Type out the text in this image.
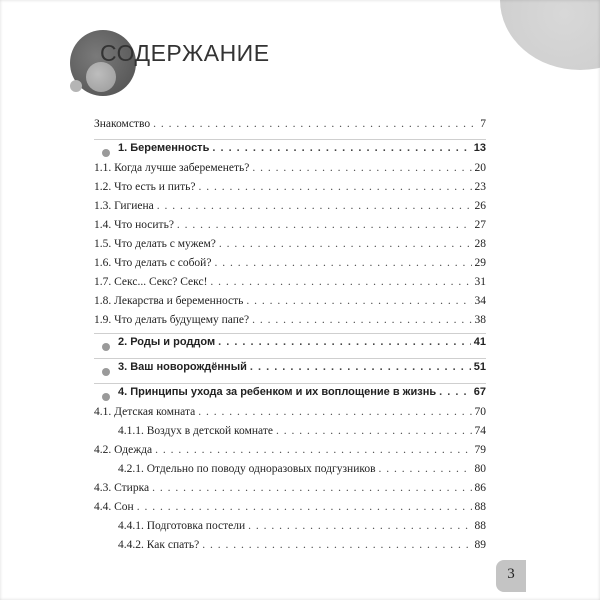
СОДЕРЖАНИЕ
Знакомство . . .	7
1. Беременность . . .	13
1.1. Когда лучше забеременеть? . . .	20
1.2. Что есть и пить? . . .	23
1.3. Гигиена . . .	26
1.4. Что носить? . . .	27
1.5. Что делать с мужем? . . .	28
1.6. Что делать с собой? . . .	29
1.7. Секс... Секс? Секс! . . .	31
1.8. Лекарства и беременность . . .	34
1.9. Что делать будущему папе? . . .	38
2. Роды и роддом . . .	41
3. Ваш новорождённый . . .	51
4. Принципы ухода за ребенком и их воплощение в жизнь . . .	67
4.1. Детская комната . . .	70
4.1.1. Воздух в детской комнате . . .	74
4.2. Одежда . . .	79
4.2.1. Отдельно по поводу одноразовых подгузников . . .	80
4.3. Стирка . . .	86
4.4. Сон . . .	88
4.4.1. Подготовка постели . . .	88
4.4.2. Как спать? . . .	89
3
